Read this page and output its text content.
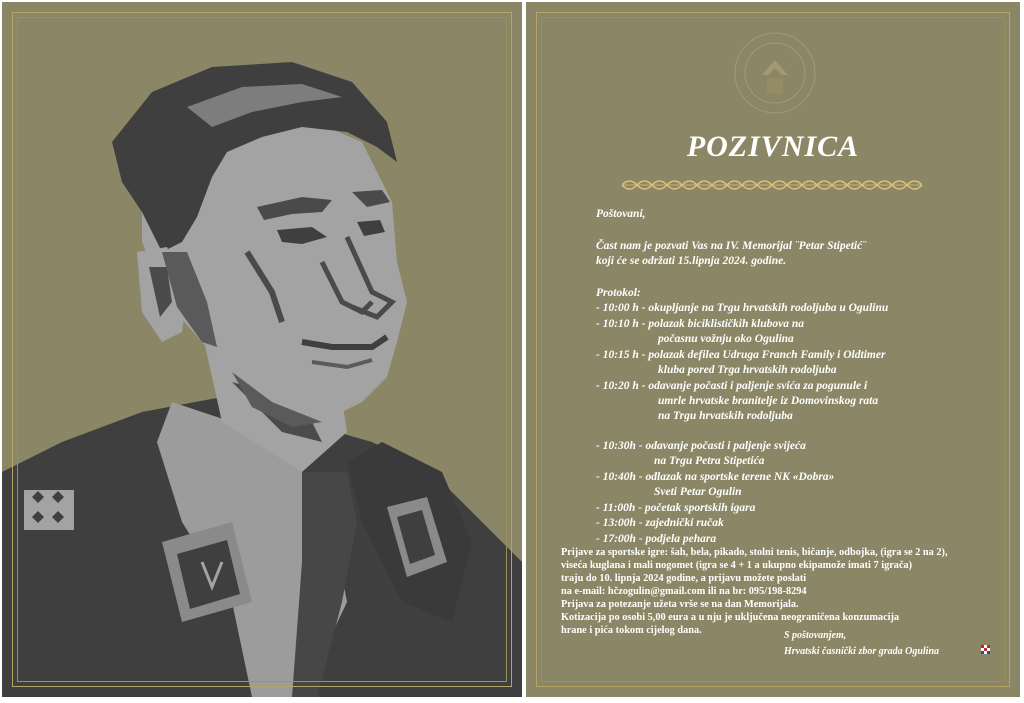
POZIVNICA
Poštovani,
Čast nam je pozvati Vas na IV. Memorijal ¨Petar Stipetić¨
koji će se održati 15.lipnja 2024. godine.
Protokol:
- 10:00 h - okupljanje na Trgu hrvatskih rodoljuba u Ogulinu
- 10:10 h - polazak biciklističkih klubova na
počasnu vožnju oko Ogulina
- 10:15 h - polazak defilea Udruga Franch Family i Oldtimer
kluba pored Trga hrvatskih rodoljuba
- 10:20 h - odavanje počasti i paljenje svića za pogunule i
umrle hrvatske branitelje iz Domovinskog rata
na Trgu hrvatskih rodoljuba
- 10:30h - odavanje počasti i paljenje svijeća
na Trgu Petra Stipetića
- 10:40h - odlazak na sportske terene NK «Dobra»
Sveti Petar Ogulin
- 11:00h - početak sportskih igara
- 13:00h - zajednički ručak
- 17:00h - podjela pehara
Prijave za sportske igre: šah, bela, pikado, stolni tenis, bičanje, odbojka, (igra se 2 na 2),
viseća kuglana i mali nogomet (igra se 4 + 1 a ukupno ekipamože imati 7 igrača)
traju do 10. lipnja 2024 godine, a prijavu možete poslati
na e-mail: hčzogulin@gmail.com ili na br: 095/198-8294
Prijava za potezanje užeta vrše se na dan Memorijala.
Kotizacija po osobi 5,00 eura a u nju je uključena neograničena konzumacija
hrane i pića tokom cijelog dana.	S poštovanjem,
Hrvatski časnički zbor grada Ogulina
